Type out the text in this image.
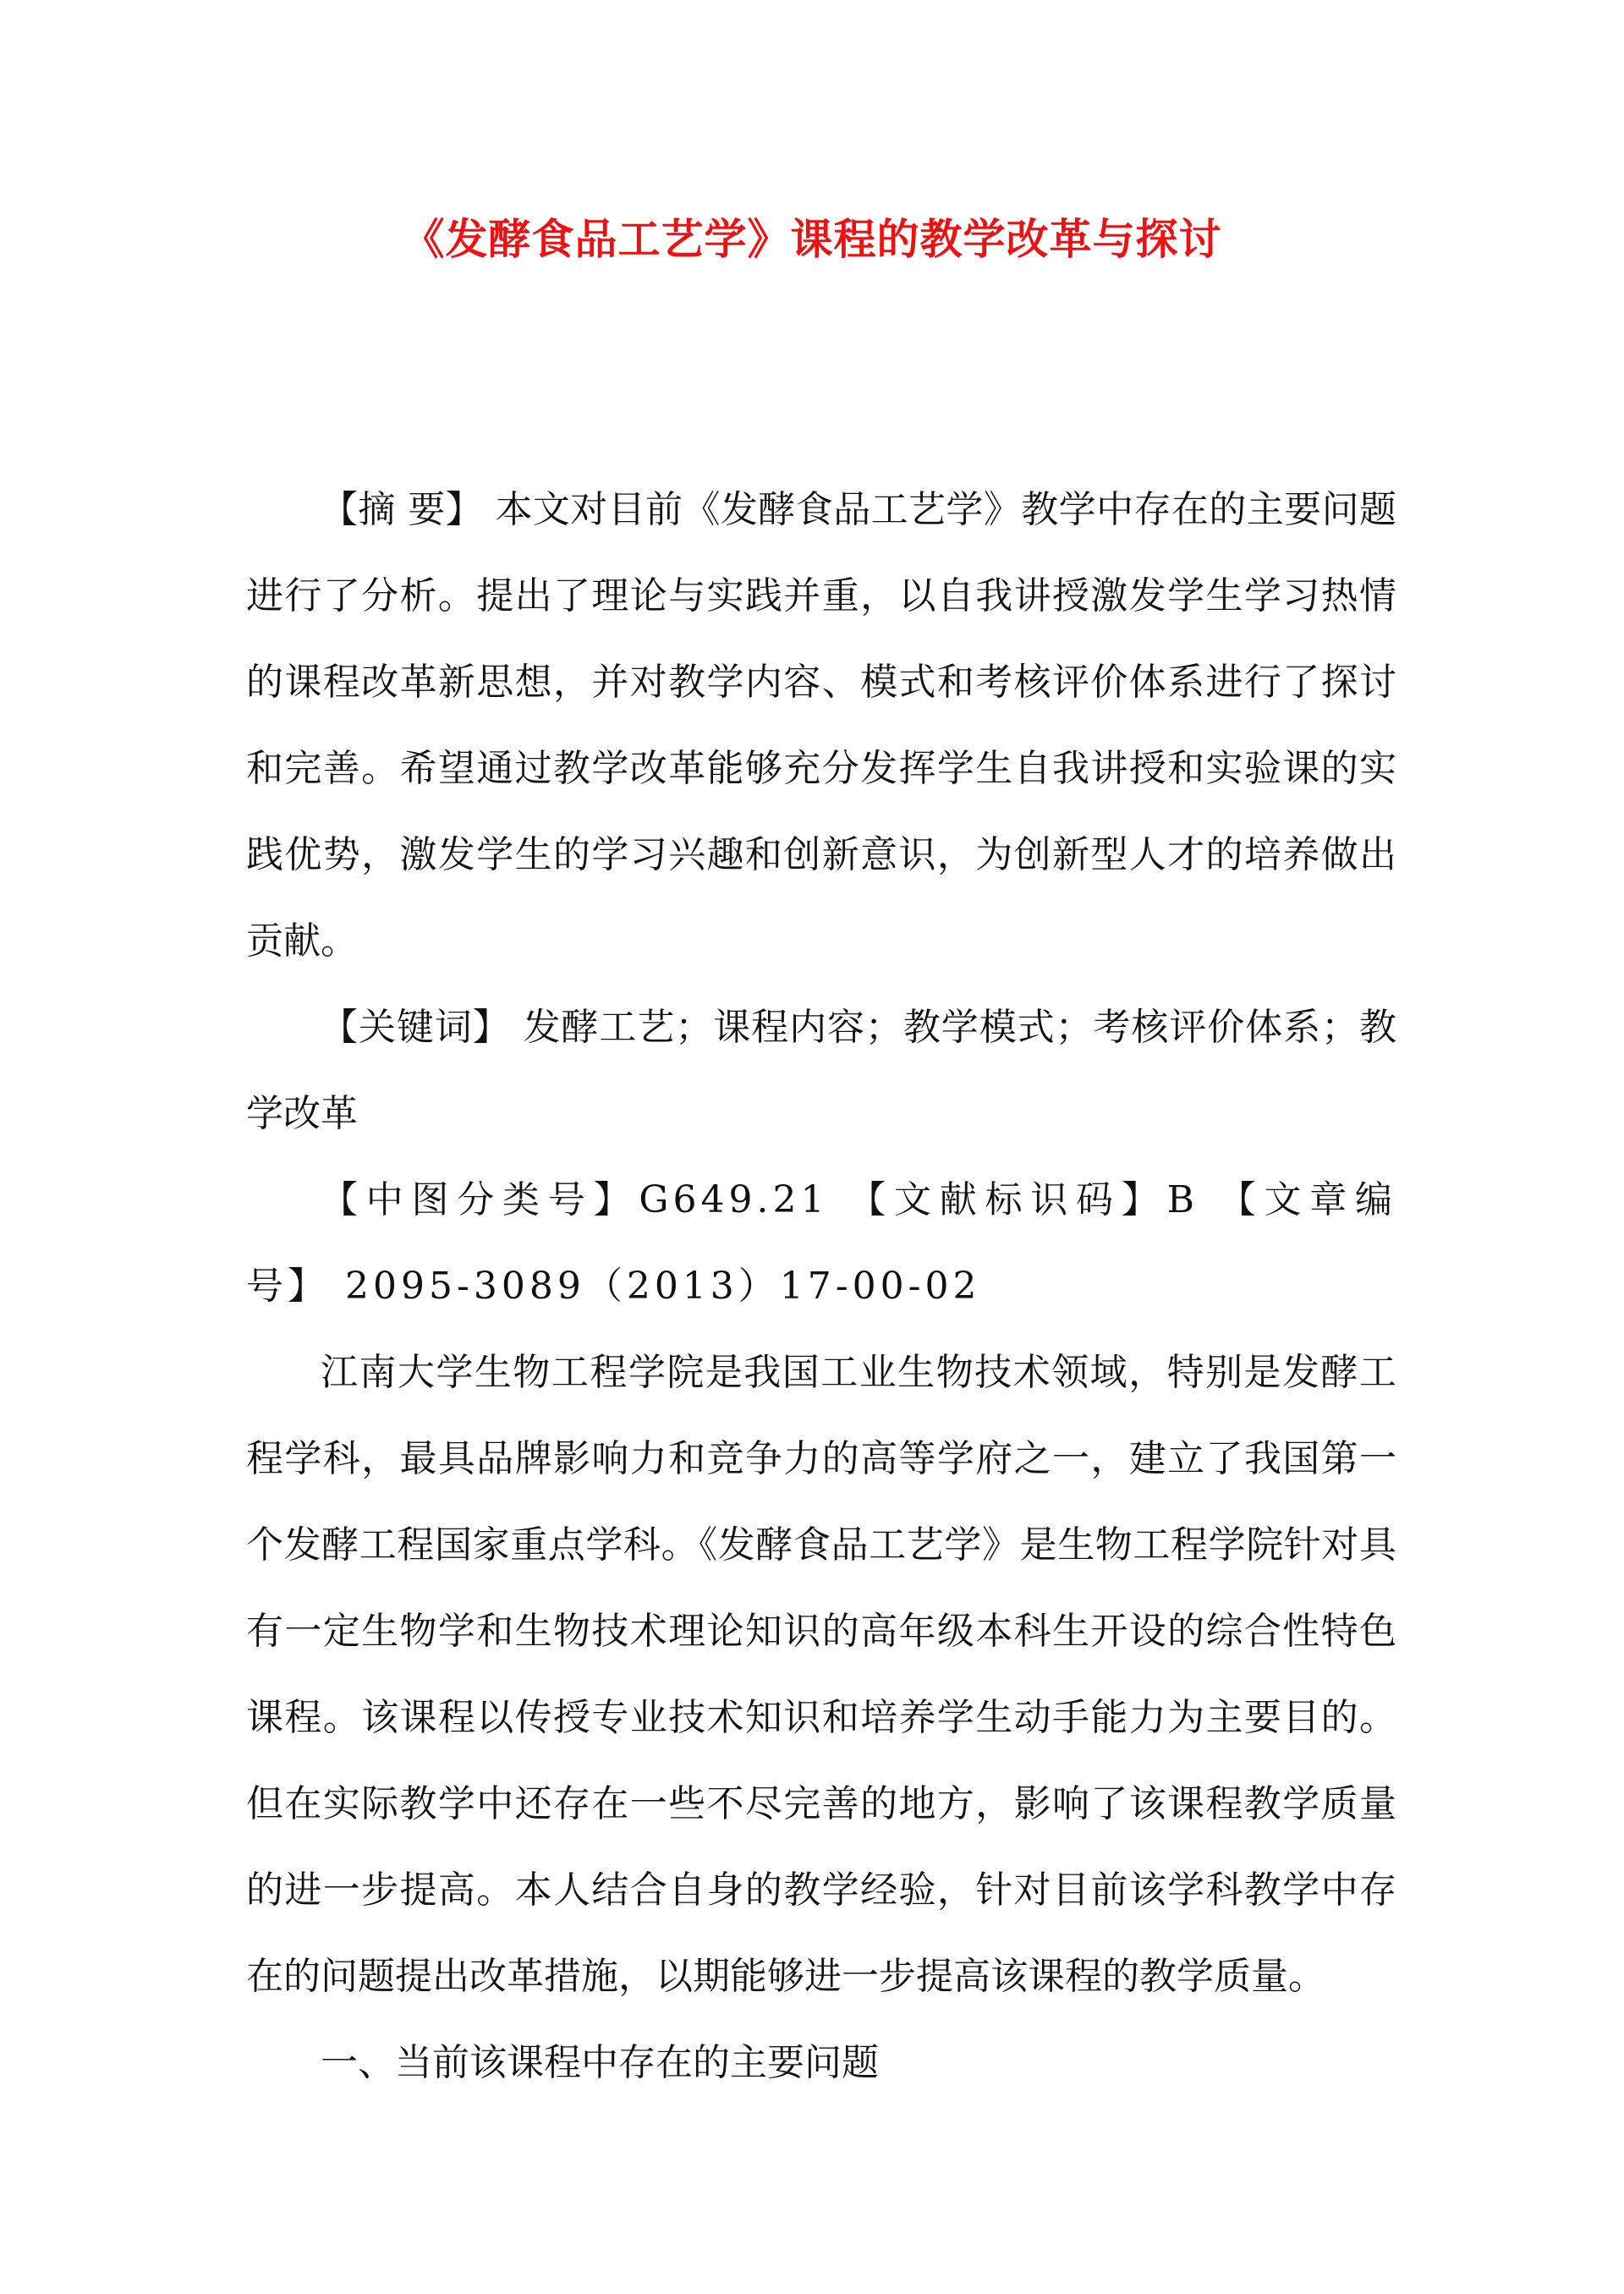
《发酵食品工艺学》课程的教学改革与探讨

【摘 要】 本文对目前《发酵食品工艺学》教学中存在的主要问题进行了分析。提出了理论与实践并重，以自我讲授激发学生学习热情的课程改革新思想，并对教学内容、模式和考核评价体系进行了探讨和完善。希望通过教学改革能够充分发挥学生自我讲授和实验课的实践优势，激发学生的学习兴趣和创新意识，为创新型人才的培养做出贡献。

【关键词】 发酵工艺；课程内容；教学模式；考核评价体系；教学改革

【中图分类号】G649.21 【文献标识码】B 【文章编号】 2095-3089（2013）17-00-02

江南大学生物工程学院是我国工业生物技术领域，特别是发酵工程学科，最具品牌影响力和竞争力的高等学府之一，建立了我国第一个发酵工程国家重点学科。《发酵食品工艺学》是生物工程学院针对具有一定生物学和生物技术理论知识的高年级本科生开设的综合性特色课程。该课程以传授专业技术知识和培养学生动手能力为主要目的。但在实际教学中还存在一些不尽完善的地方，影响了该课程教学质量的进一步提高。本人结合自身的教学经验，针对目前该学科教学中存在的问题提出改革措施，以期能够进一步提高该课程的教学质量。

一、当前该课程中存在的主要问题
